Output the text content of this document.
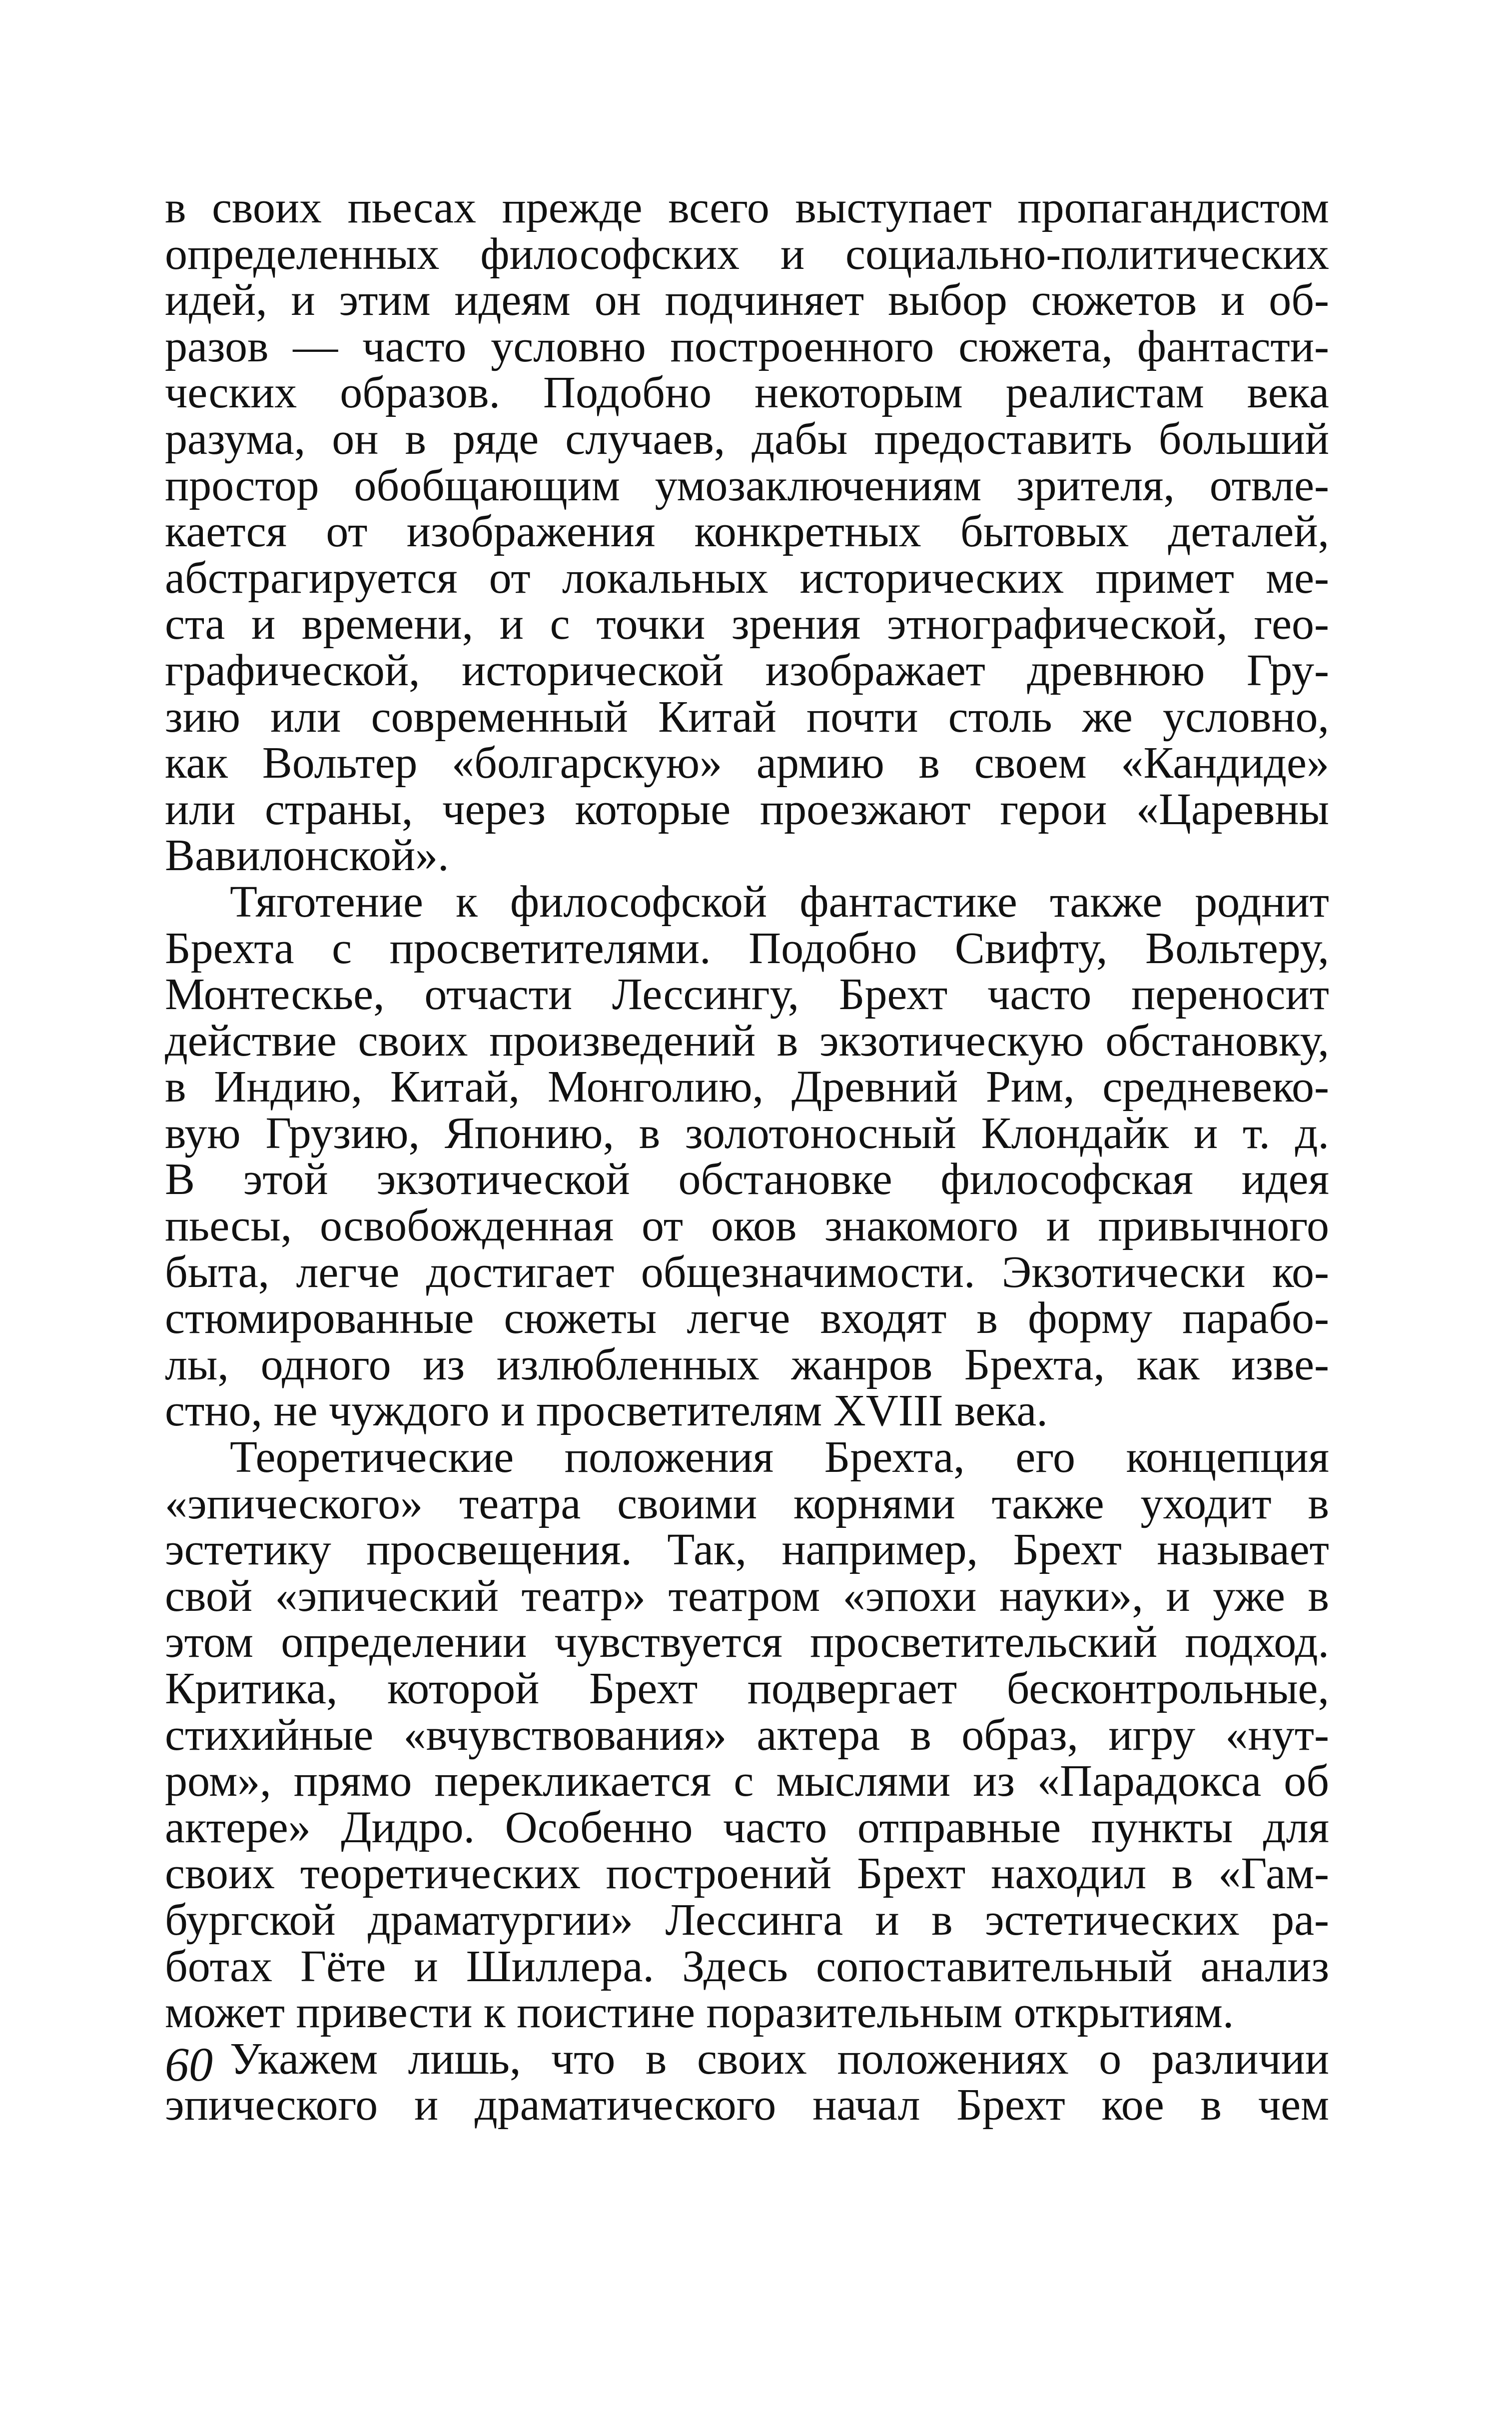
в своих пьесах прежде всего выступает пропагандистом
определенных философских и социально-политических
идей, и этим идеям он подчиняет выбор сюжетов и об-
разов — часто условно построенного сюжета, фантасти-
ческих образов. Подобно некоторым реалистам века
разума, он в ряде случаев, дабы предоставить больший
простор обобщающим умозаключениям зрителя, отвле-
кается от изображения конкретных бытовых деталей,
абстрагируется от локальных исторических примет ме-
ста и времени, и с точки зрения этнографической, гео-
графической, исторической изображает древнюю Гру-
зию или современный Китай почти столь же условно,
как Вольтер «болгарскую» армию в своем «Кандиде»
или страны, через которые проезжают герои «Царевны
Вавилонской».
Тяготение к философской фантастике также роднит
Брехта с просветителями. Подобно Свифту, Вольтеру,
Монтескье, отчасти Лессингу, Брехт часто переносит
действие своих произведений в экзотическую обстановку,
в Индию, Китай, Монголию, Древний Рим, средневеко-
вую Грузию, Японию, в золотоносный Клондайк и т. д.
В этой экзотической обстановке философская идея
пьесы, освобожденная от оков знакомого и привычного
быта, легче достигает общезначимости. Экзотически ко-
стюмированные сюжеты легче входят в форму парабо-
лы, одного из излюбленных жанров Брехта, как изве-
стно, не чуждого и просветителям XVIII века.
Теоретические положения Брехта, его концепция
«эпического» театра своими корнями также уходит в
эстетику просвещения. Так, например, Брехт называет
свой «эпический театр» театром «эпохи науки», и уже в
этом определении чувствуется просветительский подход.
Критика, которой Брехт подвергает бесконтрольные,
стихийные «вчувствования» актера в образ, игру «нут-
ром», прямо перекликается с мыслями из «Парадокса об
актере» Дидро. Особенно часто отправные пункты для
своих теоретических построений Брехт находил в «Гам-
бургской драматургии» Лессинга и в эстетических ра-
ботах Гёте и Шиллера. Здесь сопоставительный анализ
может привести к поистине поразительным открытиям.
Укажем лишь, что в своих положениях о различии
эпического и драматического начал Брехт кое в чем
60
